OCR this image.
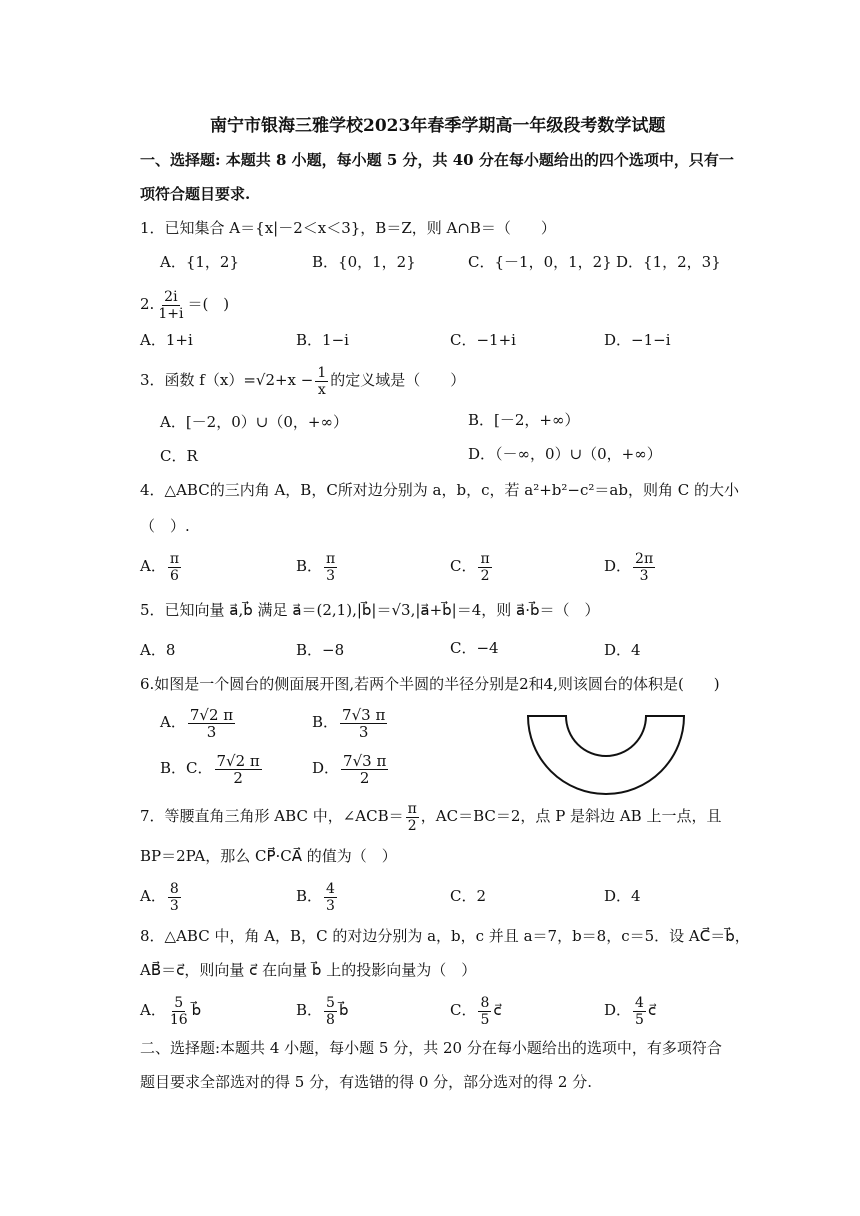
南宁市银海三雅学校2023年春季学期高一年级段考数学试题
一、选择题: 本题共 8 小题，每小题 5 分，共 40 分在每小题给出的四个选项中，只有一
项符合题目要求.
1．已知集合 A＝{x|－2＜x＜3}，B＝Z，则 A∩B＝（　　）
A．{1，2}	B．{0，1，2}	C．{－1，0，1，2} D．{1，2，3}
2. $\frac{2i}{1+i}$ ＝(　)
A．1+i	B．1−i	C．−1+i	D．−1−i
3．函数 $f(x)=√2+x - \frac{1}{x}$ 的定义域是（　　）
A．[－2，0）∪（0，+∞）	B．[－2，+∞）
C．R	D．（－∞，0）∪（0，+∞）
4．△ABC的三内角 A，B，C所对边分别为 a，b，c，若 a²+b²−c²＝ab，则角 C 的大小
（　）.
A． $\frac{\pi}{6}$	B． $\frac{\pi}{3}$	C． $\frac{\pi}{2}$	D． $\frac{2\pi}{3}$
5．已知向量 a⃗,b⃗ 满足 a⃗＝(2,1),|b⃗|＝√3,|a⃗+b⃗|＝4，则 a⃗·b⃗＝（　）
A．8	B．−8	C．−4	D．4
6.如图是一个圆台的侧面展开图,若两个半圆的半径分别是2和4,则该圆台的体积是(　　)
A． $\frac{7√2 \pi}{3}$	B． $\frac{7√3 \pi}{3}$
B．C． $\frac{7√2 \pi}{2}$	D． $\frac{7√3 \pi}{2}$
7．等腰直角三角形 ABC 中，∠ACB＝ $\frac{\pi}{2}$ ，AC＝BC＝2，点 P 是斜边 AB 上一点，且
BP＝2PA，那么 CP⃗·CA⃗ 的值为（　）
A． $\frac{8}{3}$	B． $\frac{4}{3}$	C．2	D．4
8．△ABC 中，角 A，B，C 的对边分别为 a，b，c 并且 a＝7，b＝8，c＝5．设 AC⃗＝b⃗，
AB⃗＝c⃗，则向量 c⃗ 在向量 b⃗ 上的投影向量为（　）
A． $\frac{5}{16}$ b⃗	B． $\frac{5}{8}$ b⃗	C． $\frac{8}{5}$ c⃗	D． $\frac{4}{5}$ c⃗
二、选择题:本题共 4 小题，每小题 5 分，共 20 分在每小题给出的选项中，有多项符合
题目要求全部选对的得 5 分，有选错的得 0 分，部分选对的得 2 分.
